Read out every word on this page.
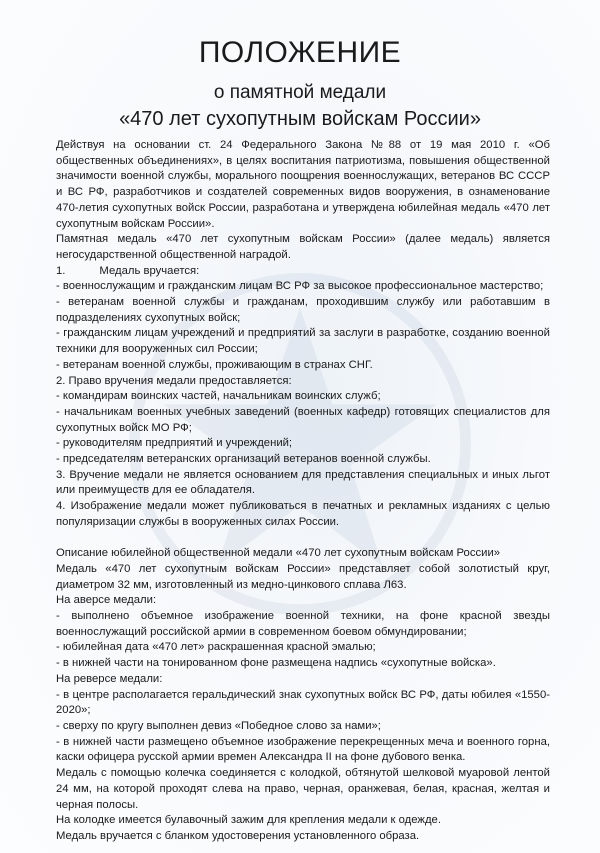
ПОЛОЖЕНИЕ
о памятной медали
«470 лет сухопутным войскам России»

Действуя на основании ст. 24 Федерального Закона №88 от 19 мая 2010 г. «Об общественных объединениях», в целях воспитания патриотизма, повышения общественной значимости военной службы, морального поощрения военнослужащих, ветеранов ВС СССР и ВС РФ, разработчиков и создателей современных видов вооружения, в ознаменование 470-летия сухопутных войск России, разработана и утверждена юбилейная медаль «470 лет сухопутным войскам России».

Памятная медаль «470 лет сухопутным войскам России» (далее медаль) является негосударственной общественной наградой.

1.	Медаль вручается:

- военнослужащим и гражданским лицам ВС РФ за высокое профессиональное мастерство;

- ветеранам военной службы и гражданам, проходившим службу или работавшим в подразделениях сухопутных войск;

- гражданским лицам учреждений и предприятий за заслуги в разработке, созданию военной техники для вооруженных сил России;

- ветеранам военной службы, проживающим в странах СНГ.

2. Право вручения медали предоставляется:

- командирам воинских частей, начальникам воинских служб;

- начальникам военных учебных заведений (военных кафедр) готовящих специалистов для сухопутных войск МО РФ;

- руководителям предприятий и учреждений;

- председателям ветеранских организаций ветеранов военной службы.

3. Вручение медали не является основанием для представления специальных и иных льгот или преимуществ для ее обладателя.

4. Изображение медали может публиковаться в печатных и рекламных изданиях с целью популяризации службы в вооруженных силах России.

Описание юбилейной общественной медали «470 лет сухопутным войскам России»

Медаль «470 лет сухопутным войскам России» представляет собой золотистый круг, диаметром 32 мм, изготовленный из медно-цинкового сплава Л63.

На аверсе медали:

- выполнено объемное изображение военной техники, на фоне красной звезды военнослужащий российской армии в современном боевом обмундировании;

- юбилейная дата «470 лет» раскрашенная красной эмалью;

- в нижней части на тонированном фоне размещена надпись «сухопутные войска».

На реверсе медали:

- в центре располагается геральдический знак сухопутных войск ВС РФ, даты юбилея «1550-2020»;

- сверху по кругу выполнен девиз «Победное слово за нами»;

- в нижней части размещено объемное изображение перекрещенных меча и военного горна, каски офицера русской армии времен Александра II на фоне дубового венка.

Медаль с помощью колечка соединяется с колодкой, обтянутой шелковой муаровой лентой 24 мм, на которой проходят слева на право, черная, оранжевая, белая, красная, желтая и черная полосы.

На колодке имеется булавочный зажим для крепления медали к одежде.

Медаль вручается с бланком удостоверения установленного образа.
